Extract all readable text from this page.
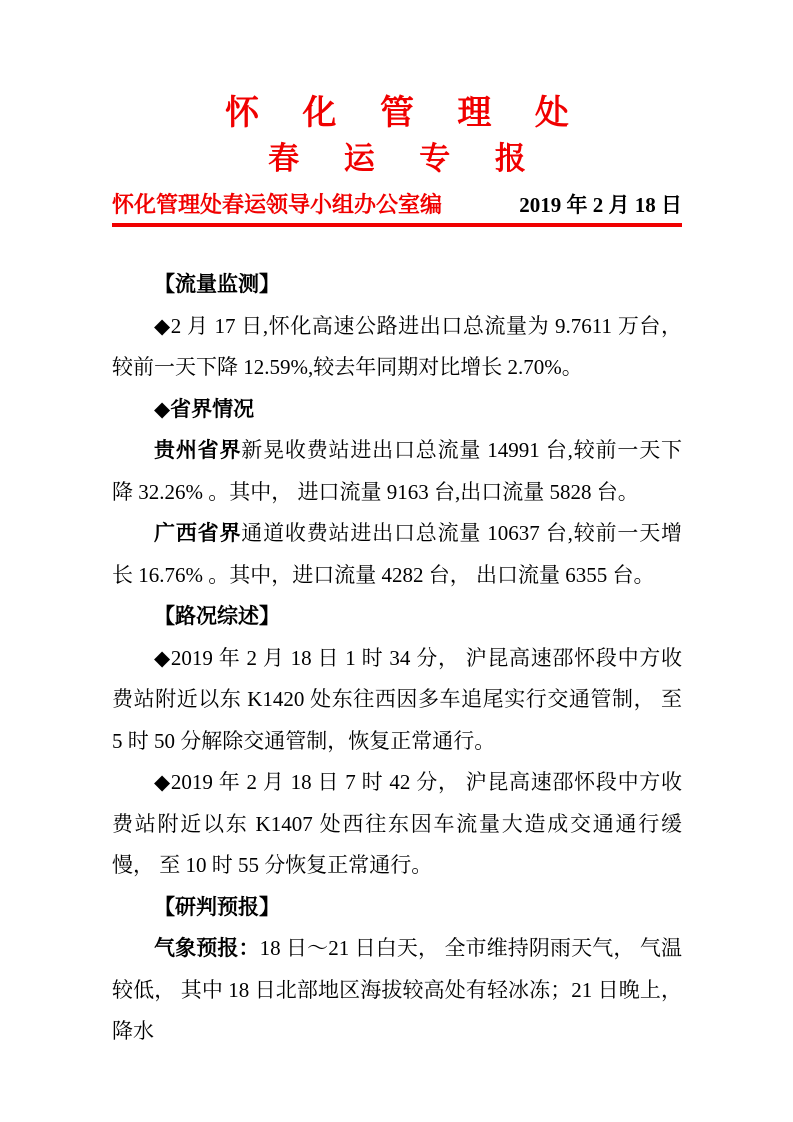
怀 化 管 理 处
春 运 专 报
怀化管理处春运领导小组办公室编	2019 年 2 月 18 日

【流量监测】

◆2 月 17 日,怀化高速公路进出口总流量为 9.7611 万台， 较前一天下降 12.59%,较去年同期对比增长 2.70%。

◆省界情况

贵州省界新晃收费站进出口总流量 14991 台,较前一天下降 32.26% 。其中， 进口流量 9163 台,出口流量 5828 台。

广西省界通道收费站进出口总流量 10637 台,较前一天增长 16.76% 。其中，进口流量 4282 台， 出口流量 6355 台。

【路况综述】

◆2019 年 2 月 18 日 1 时 34 分， 沪昆高速邵怀段中方收费站附近以东 K1420 处东往西因多车追尾实行交通管制， 至 5 时 50 分解除交通管制，恢复正常通行。

◆2019 年 2 月 18 日 7 时 42 分， 沪昆高速邵怀段中方收费站附近以东 K1407 处西往东因车流量大造成交通通行缓慢， 至 10 时 55 分恢复正常通行。

【研判预报】

气象预报：18 日～21 日白天， 全市维持阴雨天气， 气温较低， 其中 18 日北部地区海拔较高处有轻冰冻；21 日晚上， 降水
